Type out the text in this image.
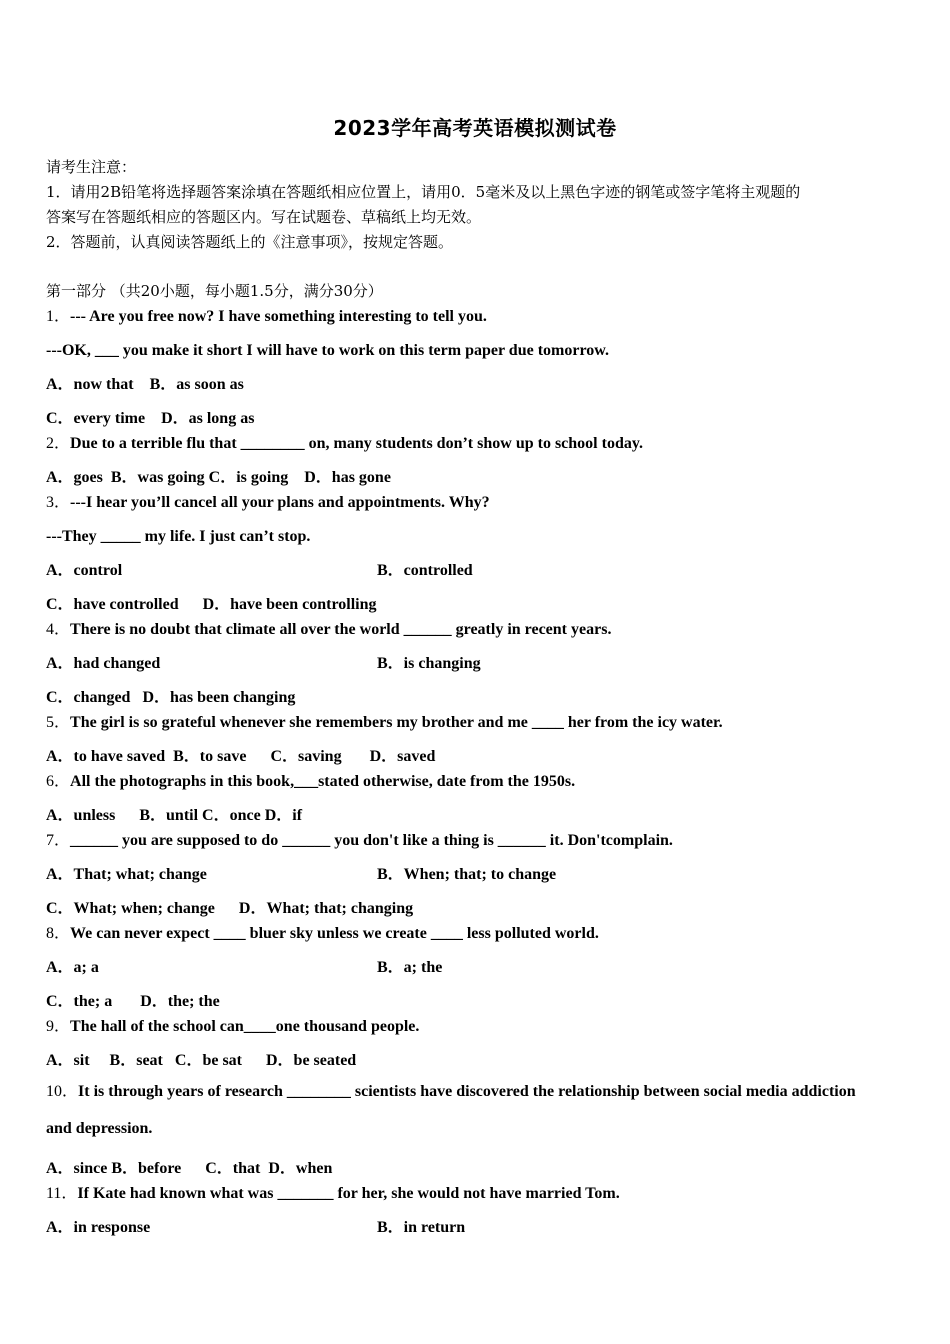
2023学年高考英语模拟测试卷

请考生注意：

1．请用2B铅笔将选择题答案涂填在答题纸相应位置上，请用0．5毫米及以上黑色字迹的钢笔或签字笔将主观题的

答案写在答题纸相应的答题区内。写在试题卷、草稿纸上均无效。

2．答题前，认真阅读答题纸上的《注意事项》，按规定答题。

第一部分 （共20小题，每小题1.5分，满分30分）

1．--- Are you free now? I have something interesting to tell you.

---OK, ___ you make it short I will have to work on this term paper due tomorrow.

A．now that    B．as soon as

C．every time    D．as long as

2．Due to a terrible flu that ________ on, many students don’t show up to school today.

A．goes  B．was going C．is going    D．has gone

3．---I hear you’ll cancel all your plans and appointments. Why?

---They _____ my life. I just can’t stop.

A．control	B．controlled

C．have controlled      D．have been controlling

4．There is no doubt that climate all over the world ______ greatly in recent years.

A．had changed	B．is changing

C．changed   D．has been changing

5．The girl is so grateful whenever she remembers my brother and me ____ her from the icy water.

A．to have saved  B．to save      C．saving       D．saved

6．All the photographs in this book,___stated otherwise, date from the 1950s.

A．unless      B．until C．once D．if

7．______ you are supposed to do ______ you don't like a thing is ______ it. Don'tcomplain.

A．That; what; change	B．When; that; to change

C．What; when; change      D．What; that; changing

8．We can never expect ____ bluer sky unless we create ____ less polluted world.

A．a; a	B．a; the

C．the; a       D．the; the

9．The hall of the school can____one thousand people.

A．sit     B．seat   C．be sat      D．be seated

10．It is through years of research ________ scientists have discovered the relationship between social media addiction

and depression.

A．since B．before      C．that  D．when

11．If Kate had known what was _______ for her, she would not have married Tom.

A．in response	B．in return
